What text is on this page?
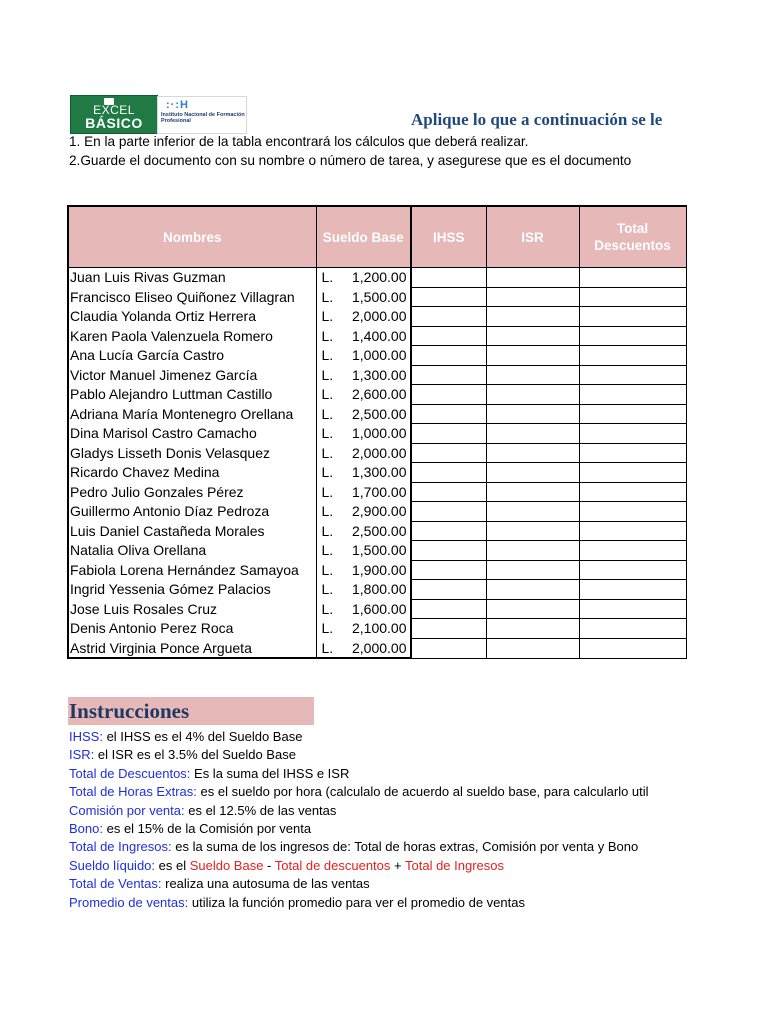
EXCEL
BÁSICO
:·:H
Instituto Nacional de Formación Profesional	Aplique lo que a continuación se le
1. En la parte inferior de la tabla encontrará los cálculos que deberá realizar.
2.Guarde el documento con su nombre o número de tarea, y asegurese que es el documento
Nombres	Sueldo Base	IHSS	ISR	Total Descuentos
Juan Luis Rivas Guzman	L. 1,200.00			
Francisco Eliseo Quiñonez Villagran	L. 1,500.00			
Claudia Yolanda Ortiz Herrera	L. 2,000.00			
Karen Paola Valenzuela Romero	L. 1,400.00			
Ana Lucía García Castro	L. 1,000.00			
Victor Manuel Jimenez García	L. 1,300.00			
Pablo Alejandro Luttman Castillo	L. 2,600.00			
Adriana María Montenegro Orellana	L. 2,500.00			
Dina Marisol Castro Camacho	L. 1,000.00			
Gladys Lisseth Donis Velasquez	L. 2,000.00			
Ricardo Chavez Medina	L. 1,300.00			
Pedro Julio Gonzales Pérez	L. 1,700.00			
Guillermo Antonio Díaz Pedroza	L. 2,900.00			
Luis Daniel Castañeda Morales	L. 2,500.00			
Natalia Oliva Orellana	L. 1,500.00			
Fabiola Lorena Hernández Samayoa	L. 1,900.00			
Ingrid Yessenia Gómez Palacios	L. 1,800.00			
Jose Luis Rosales Cruz	L. 1,600.00			
Denis Antonio Perez Roca	L. 2,100.00			
Astrid Virginia Ponce Argueta	L. 2,000.00			
Instrucciones
IHSS: el IHSS es el 4% del Sueldo Base
ISR: el ISR es el 3.5% del Sueldo Base
Total de Descuentos: Es la suma del IHSS e ISR
Total de Horas Extras: es el sueldo por hora (calculalo de acuerdo al sueldo base, para calcularlo util
Comisión por venta: es el 12.5% de las ventas
Bono: es el 15% de la Comisión por venta
Total de Ingresos: es la suma de los ingresos de: Total de horas extras, Comisión por venta y Bono
Sueldo líquido: es el Sueldo Base - Total de descuentos + Total de Ingresos
Total de Ventas: realiza una autosuma de las ventas
Promedio de ventas: utiliza la función promedio para ver el promedio de ventas
